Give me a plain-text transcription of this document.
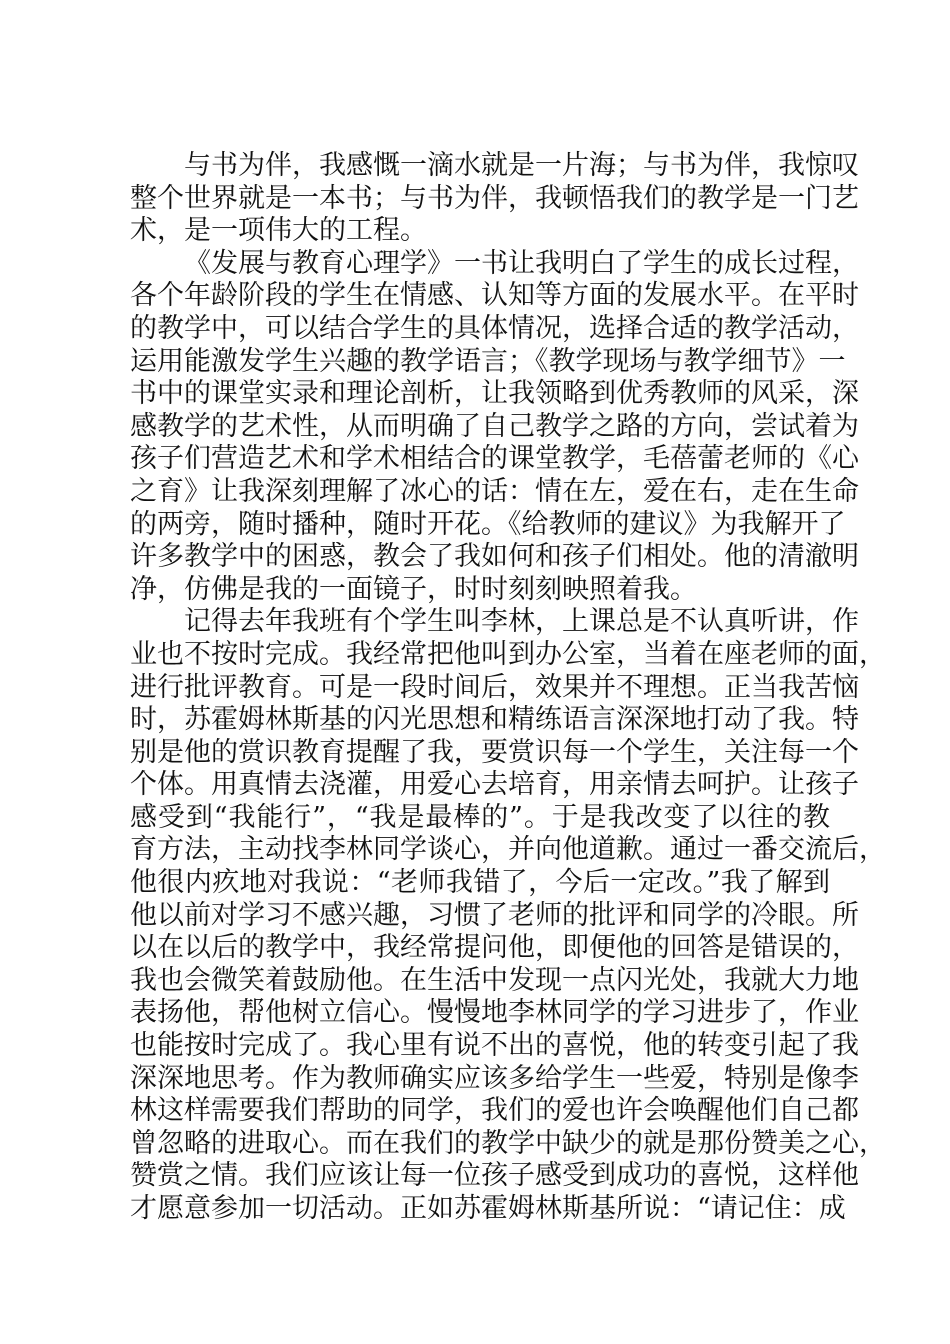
与书为伴，我感慨一滴水就是一片海；与书为伴，我惊叹
整个世界就是一本书；与书为伴，我顿悟我们的教学是一门艺
术，是一项伟大的工程。
《发展与教育心理学》一书让我明白了学生的成长过程，
各个年龄阶段的学生在情感、认知等方面的发展水平。在平时
的教学中，可以结合学生的具体情况，选择合适的教学活动，
运用能激发学生兴趣的教学语言；《教学现场与教学细节》一
书中的课堂实录和理论剖析，让我领略到优秀教师的风采，深
感教学的艺术性，从而明确了自己教学之路的方向，尝试着为
孩子们营造艺术和学术相结合的课堂教学，毛蓓蕾老师的《心
之育》让我深刻理解了冰心的话：情在左，爱在右，走在生命
的两旁，随时播种，随时开花。《给教师的建议》为我解开了
许多教学中的困惑，教会了我如何和孩子们相处。他的清澈明
净，仿佛是我的一面镜子，时时刻刻映照着我。
记得去年我班有个学生叫李林，上课总是不认真听讲，作
业也不按时完成。我经常把他叫到办公室，当着在座老师的面，
进行批评教育。可是一段时间后，效果并不理想。正当我苦恼
时，苏霍姆林斯基的闪光思想和精练语言深深地打动了我。特
别是他的赏识教育提醒了我，要赏识每一个学生，关注每一个
个体。用真情去浇灌，用爱心去培育，用亲情去呵护。让孩子
感受到“我能行”，“我是最棒的”。于是我改变了以往的教
育方法，主动找李林同学谈心，并向他道歉。通过一番交流后，
他很内疚地对我说：“老师我错了，今后一定改。”我了解到
他以前对学习不感兴趣，习惯了老师的批评和同学的冷眼。所
以在以后的教学中，我经常提问他，即便他的回答是错误的，
我也会微笑着鼓励他。在生活中发现一点闪光处，我就大力地
表扬他，帮他树立信心。慢慢地李林同学的学习进步了，作业
也能按时完成了。我心里有说不出的喜悦，他的转变引起了我
深深地思考。作为教师确实应该多给学生一些爱，特别是像李
林这样需要我们帮助的同学，我们的爱也许会唤醒他们自己都
曾忽略的进取心。而在我们的教学中缺少的就是那份赞美之心，
赞赏之情。我们应该让每一位孩子感受到成功的喜悦，这样他
才愿意参加一切活动。正如苏霍姆林斯基所说：“请记住：成
